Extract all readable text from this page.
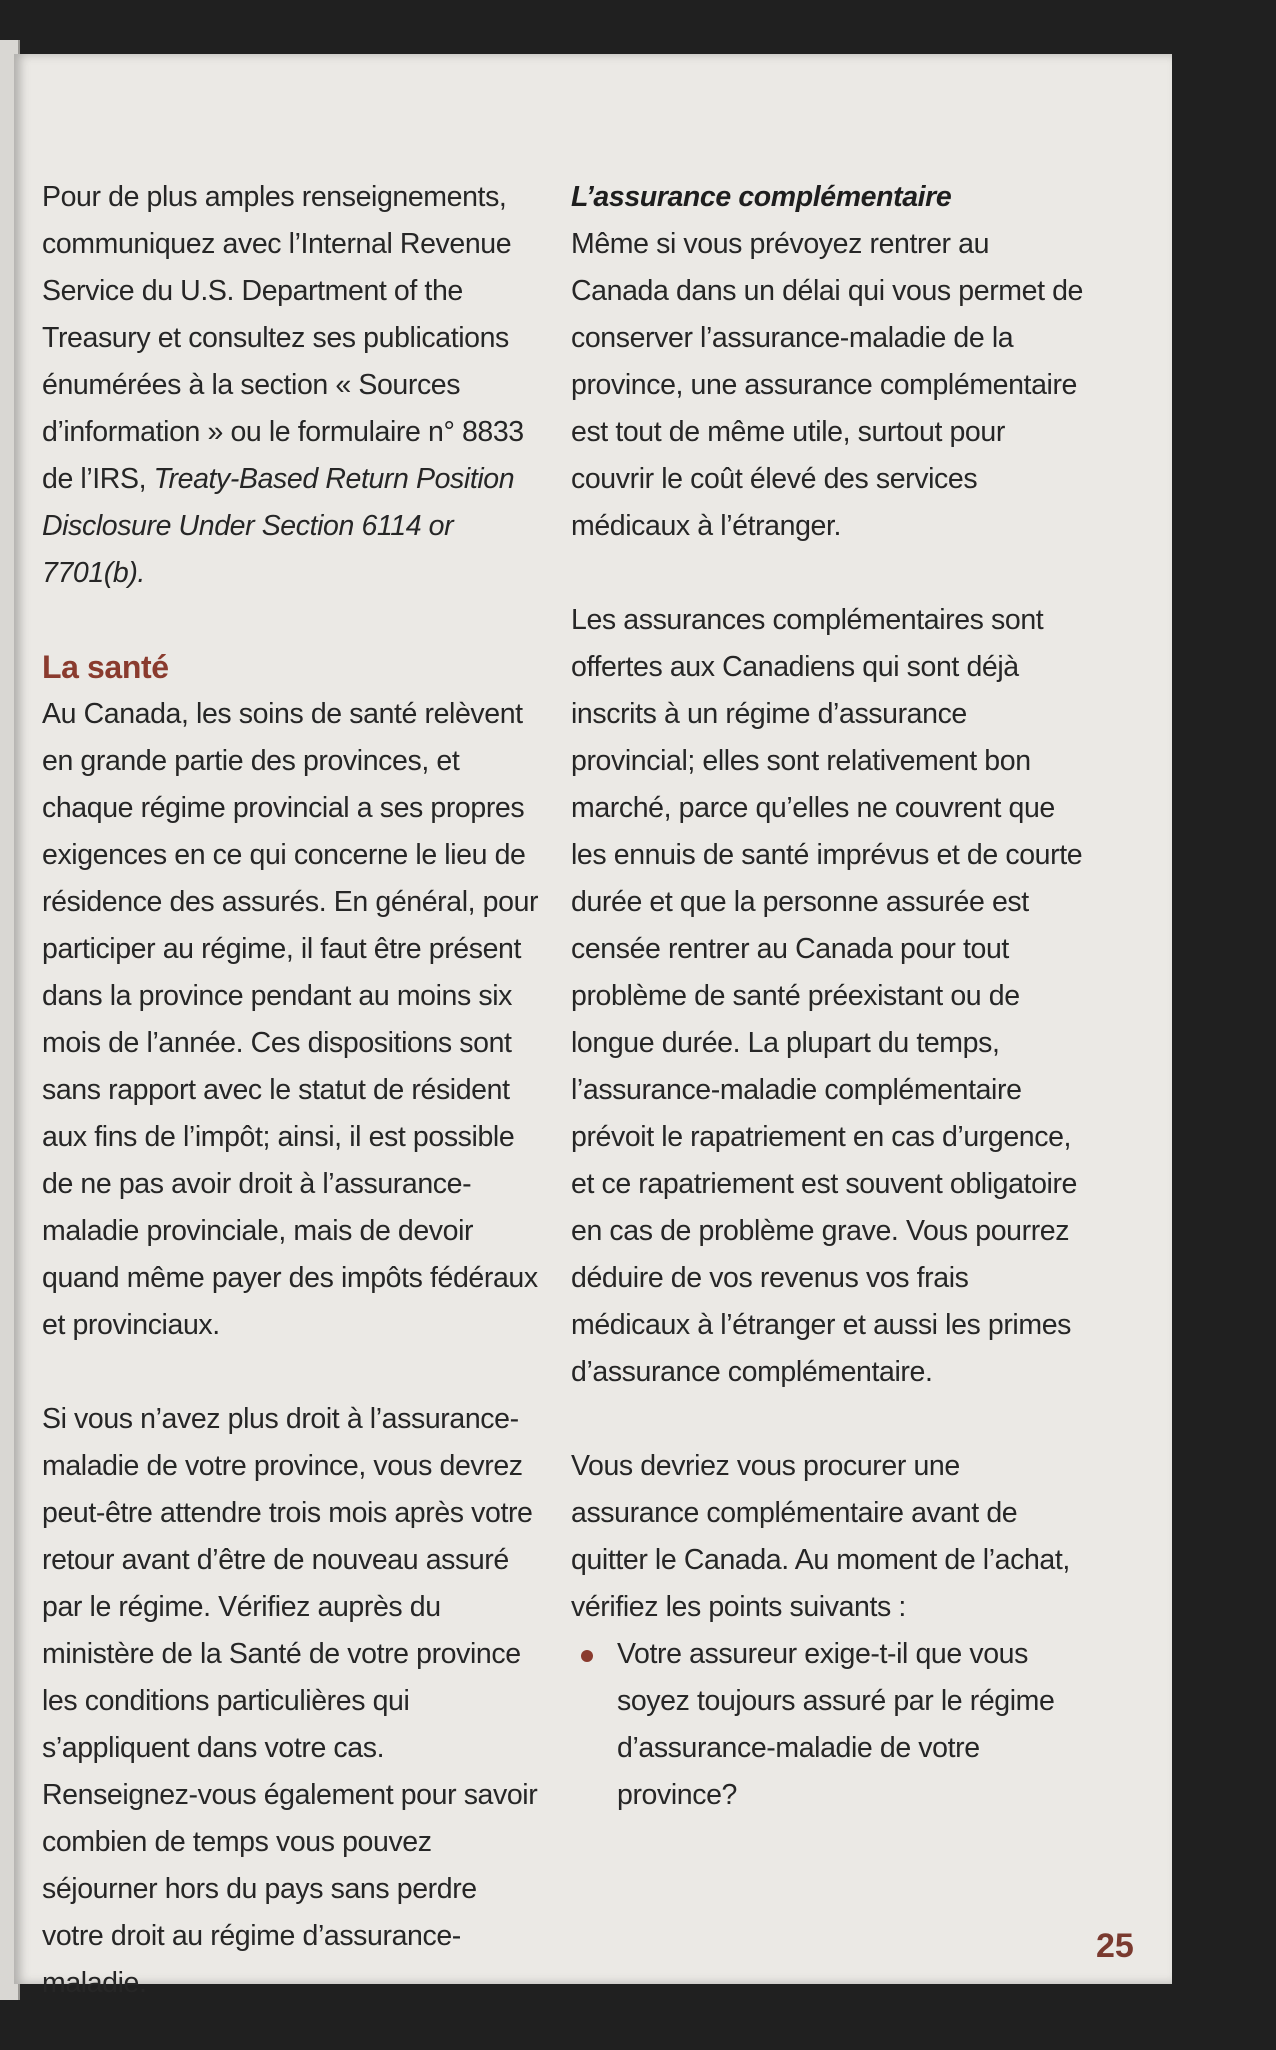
Pour de plus amples renseignements, communiquez avec l’Internal Revenue Service du U.S. Department of the Treasury et consultez ses publications énumérées à la section « Sources d’information » ou le formulaire n° 8833 de l’IRS, Treaty-Based Return Position Disclosure Under Section 6114 or 7701(b).

La santé

Au Canada, les soins de santé relèvent en grande partie des provinces, et chaque régime provincial a ses propres exigences en ce qui concerne le lieu de résidence des assurés. En général, pour participer au régime, il faut être présent dans la province pendant au moins six mois de l’année. Ces dispositions sont sans rapport avec le statut de résident aux fins de l’impôt; ainsi, il est possible de ne pas avoir droit à l’assurance-maladie provinciale, mais de devoir quand même payer des impôts fédéraux et provinciaux.

Si vous n’avez plus droit à l’assurance-maladie de votre province, vous devrez peut-être attendre trois mois après votre retour avant d’être de nouveau assuré par le régime. Vérifiez auprès du ministère de la Santé de votre province les conditions particulières qui s’appliquent dans votre cas. Renseignez-vous également pour savoir combien de temps vous pouvez séjourner hors du pays sans perdre votre droit au régime d’assurance-maladie.

L’assurance complémentaire

Même si vous prévoyez rentrer au Canada dans un délai qui vous permet de conserver l’assurance-maladie de la province, une assurance complémentaire est tout de même utile, surtout pour couvrir le coût élevé des services médicaux à l’étranger.

Les assurances complémentaires sont offertes aux Canadiens qui sont déjà inscrits à un régime d’assurance provincial; elles sont relativement bon marché, parce qu’elles ne couvrent que les ennuis de santé imprévus et de courte durée et que la personne assurée est censée rentrer au Canada pour tout problème de santé préexistant ou de longue durée. La plupart du temps, l’assurance-maladie complémentaire prévoit le rapatriement en cas d’urgence, et ce rapatriement est souvent obligatoire en cas de problème grave. Vous pourrez déduire de vos revenus vos frais médicaux à l’étranger et aussi les primes d’assurance complémentaire.

Vous devriez vous procurer une assurance complémentaire avant de quitter le Canada. Au moment de l’achat, vérifiez les points suivants :

Votre assureur exige-t-il que vous soyez toujours assuré par le régime d’assurance-maladie de votre province?
25
